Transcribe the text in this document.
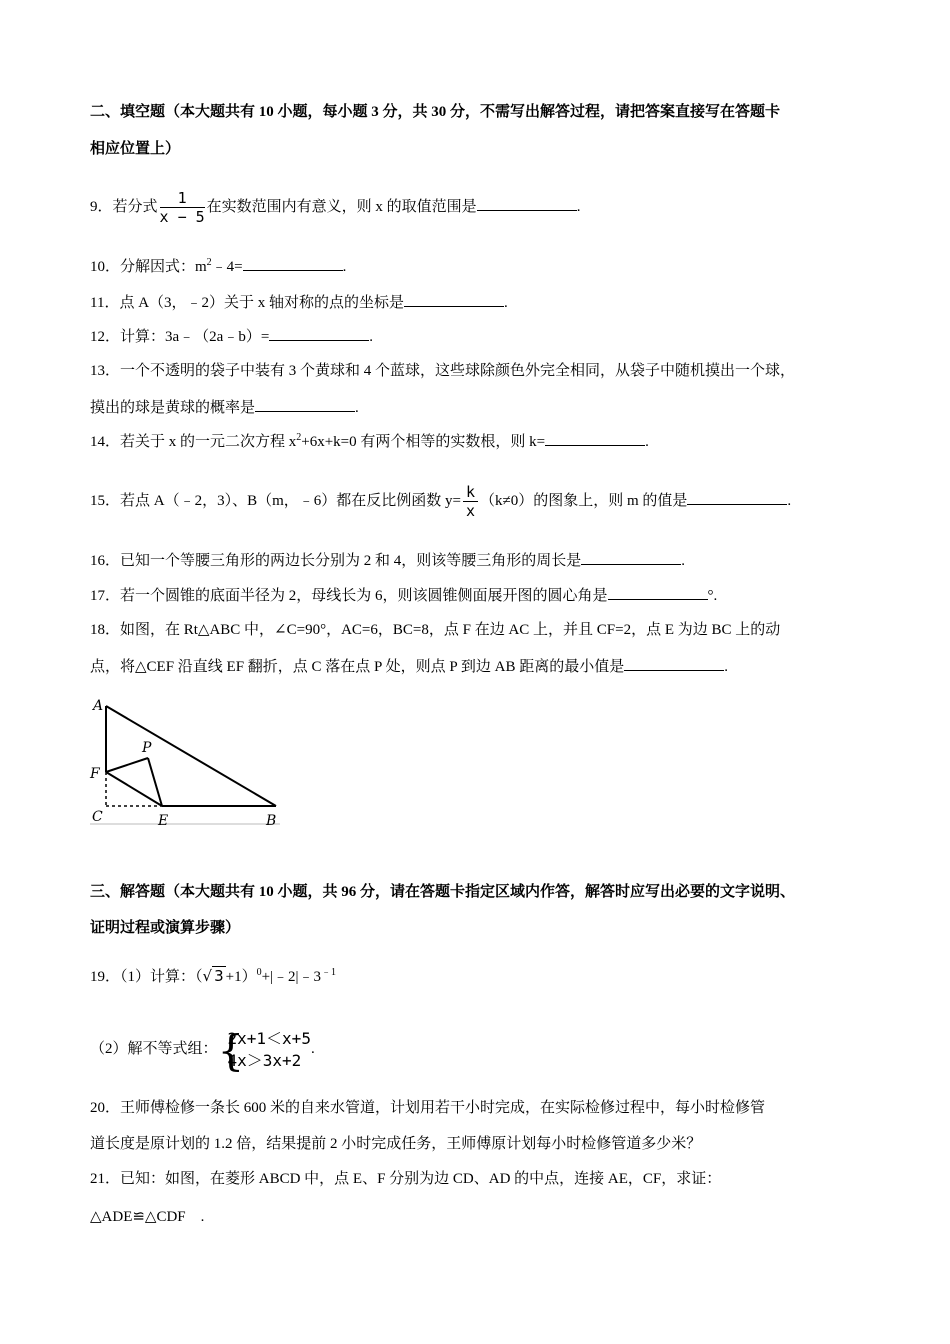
二、填空题（本大题共有 10 小题，每小题 3 分，共 30 分，不需写出解答过程，请把答案直接写在答题卡
相应位置上）
9．若分式 $\frac{1}{x - 5}$ 在实数范围内有意义，则 x 的取值范围是	.
10．分解因式：$m^2﹣4=$	.
11．点 A（3，﹣2）关于 x 轴对称的点的坐标是	.
12．计算：3a﹣（2a﹣b）=	.
13．一个不透明的袋子中装有 3 个黄球和 4 个蓝球，这些球除颜色外完全相同，从袋子中随机摸出一个球，
摸出的球是黄球的概率是	.
14．若关于 x 的一元二次方程 $x^2+6x+k=0$ 有两个相等的实数根，则 k=	.
15．若点 A（﹣2，3）、B（m，﹣6）都在反比例函数 $y= \frac{k}{x} (k\ne 0)$的图象上，则 m 的值是	.
16．已知一个等腰三角形的两边长分别为 2 和 4，则该等腰三角形的周长是	.
17．若一个圆锥的底面半径为 2，母线长为 6，则该圆锥侧面展开图的圆心角是	°.
18．如图，在 Rt△ABC 中，∠C=90°，AC=6，BC=8，点 F 在边 AC 上，并且 CF=2，点 E 为边 BC 上的动
点，将△CEF 沿直线 EF 翻折，点 C 落在点 P 处，则点 P 到边 AB 距离的最小值是	.
A
P
F
C	E	B
三、解答题（本大题共有 10 小题，共 96 分，请在答题卡指定区域内作答，解答时应写出必要的文字说明、
证明过程或演算步骤）
19．（1）计算：（√ $3 +1)^0+|﹣2|﹣3^{﹣1}$
（2）解不等式组： {
2x+1＜x+5
4x＞3x+2
.
20．王师傅检修一条长 600 米的自来水管道，计划用若干小时完成，在实际检修过程中，每小时检修管
道长度是原计划的 1.2 倍，结果提前 2 小时完成任务，王师傅原计划每小时检修管道多少米？
21．已知：如图，在菱形 ABCD 中，点 E、F 分别为边 CD、AD 的中点，连接 AE，CF，求证：
△ADE≌△CDF .
